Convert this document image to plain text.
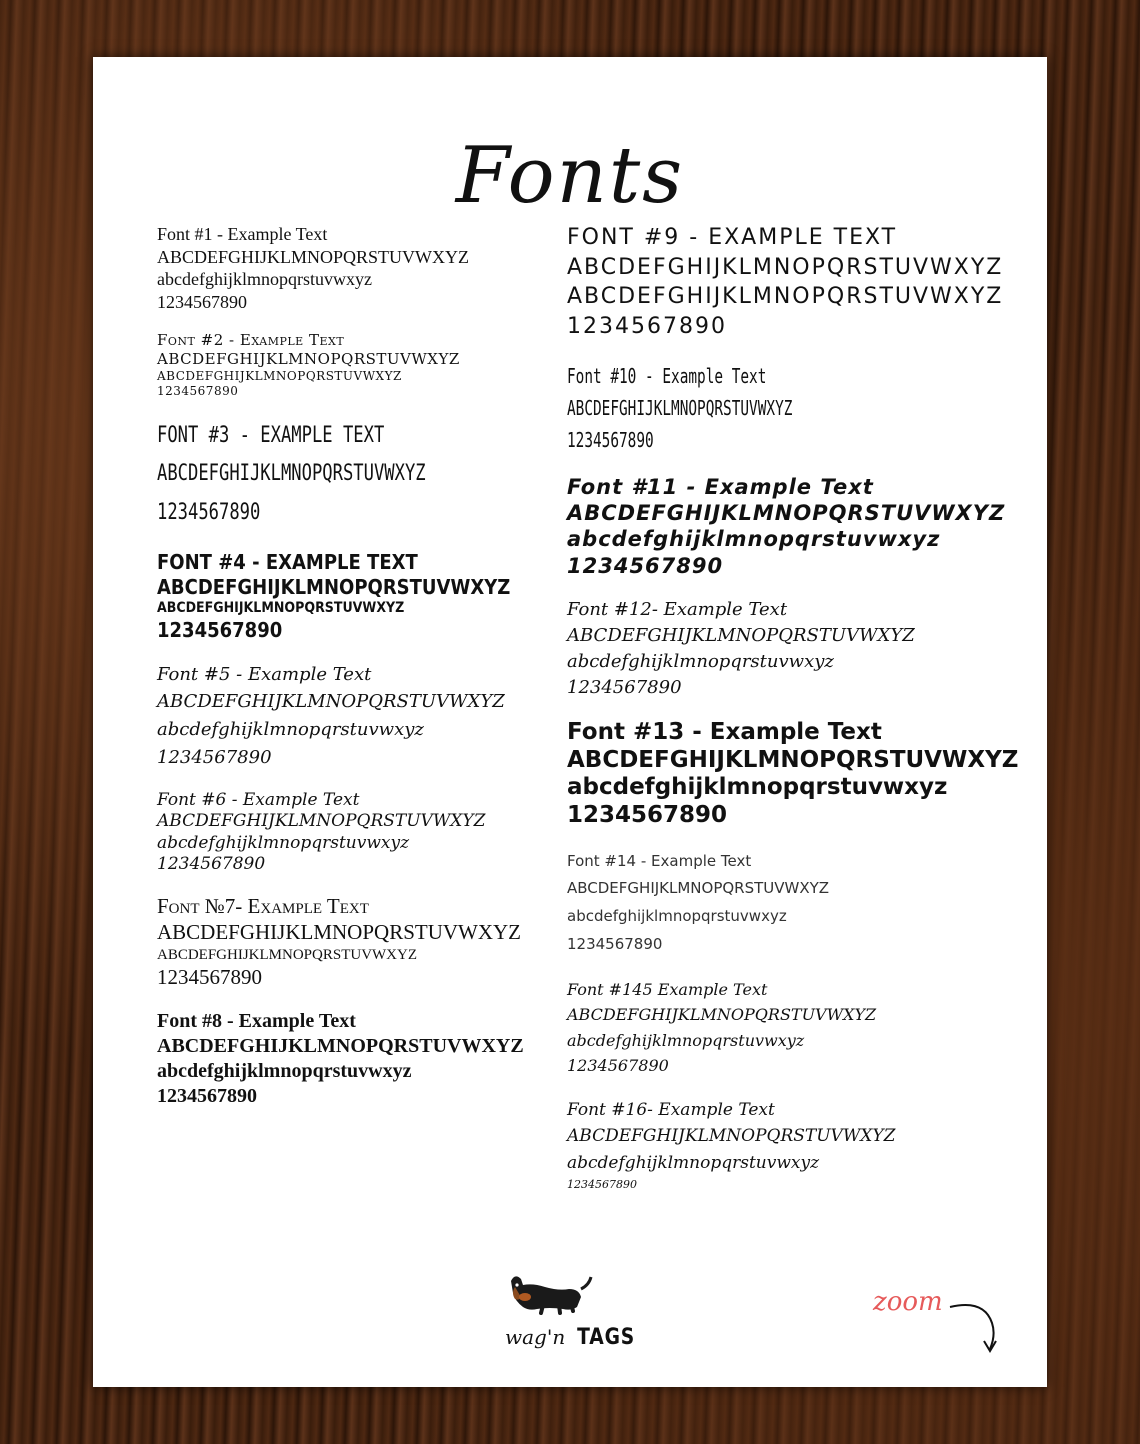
Fonts
Font #1 - Example Text
ABCDEFGHIJKLMNOPQRSTUVWXYZ
abcdefghijklmnopqrstuvwxyz
1234567890
Font #2 - Example Text
ABCDEFGHIJKLMNOPQRSTUVWXYZ
ABCDEFGHIJKLMNOPQRSTUVWXYZ
1234567890
FONT #3 - EXAMPLE TEXT
ABCDEFGHIJKLMNOPQRSTUVWXYZ
1234567890
FONT #4 - EXAMPLE TEXT
ABCDEFGHIJKLMNOPQRSTUVWXYZ
ABCDEFGHIJKLMNOPQRSTUVWXYZ
1234567890
Font #5 - Example Text
ABCDEFGHIJKLMNOPQRSTUVWXYZ
abcdefghijklmnopqrstuvwxyz
1234567890
Font #6 - Example Text
ABCDEFGHIJKLMNOPQRSTUVWXYZ
abcdefghijklmnopqrstuvwxyz
1234567890
Font №7- Example Text
ABCDEFGHIJKLMNOPQRSTUVWXYZ
ABCDEFGHIJKLMNOPQRSTUVWXYZ
1234567890
Font #8 - Example Text
ABCDEFGHIJKLMNOPQRSTUVWXYZ
abcdefghijklmnopqrstuvwxyz
1234567890
FONT #9 - EXAMPLE TEXT
ABCDEFGHIJKLMNOPQRSTUVWXYZ
ABCDEFGHIJKLMNOPQRSTUVWXYZ
1234567890
Font #10 - Example Text
ABCDEFGHIJKLMNOPQRSTUVWXYZ
1234567890
Font #11 - Example Text
ABCDEFGHIJKLMNOPQRSTUVWXYZ
abcdefghijklmnopqrstuvwxyz
1234567890
Font #12- Example Text
ABCDEFGHIJKLMNOPQRSTUVWXYZ
abcdefghijklmnopqrstuvwxyz
1234567890
Font #13 - Example Text
ABCDEFGHIJKLMNOPQRSTUVWXYZ
abcdefghijklmnopqrstuvwxyz
1234567890
Font #14 - Example Text
ABCDEFGHIJKLMNOPQRSTUVWXYZ
abcdefghijklmnopqrstuvwxyz
1234567890
Font #145 Example Text
ABCDEFGHIJKLMNOPQRSTUVWXYZ
abcdefghijklmnopqrstuvwxyz
1234567890
Font #16- Example Text
ABCDEFGHIJKLMNOPQRSTUVWXYZ
abcdefghijklmnopqrstuvwxyz
1234567890
wag'n TAGS
zoom
